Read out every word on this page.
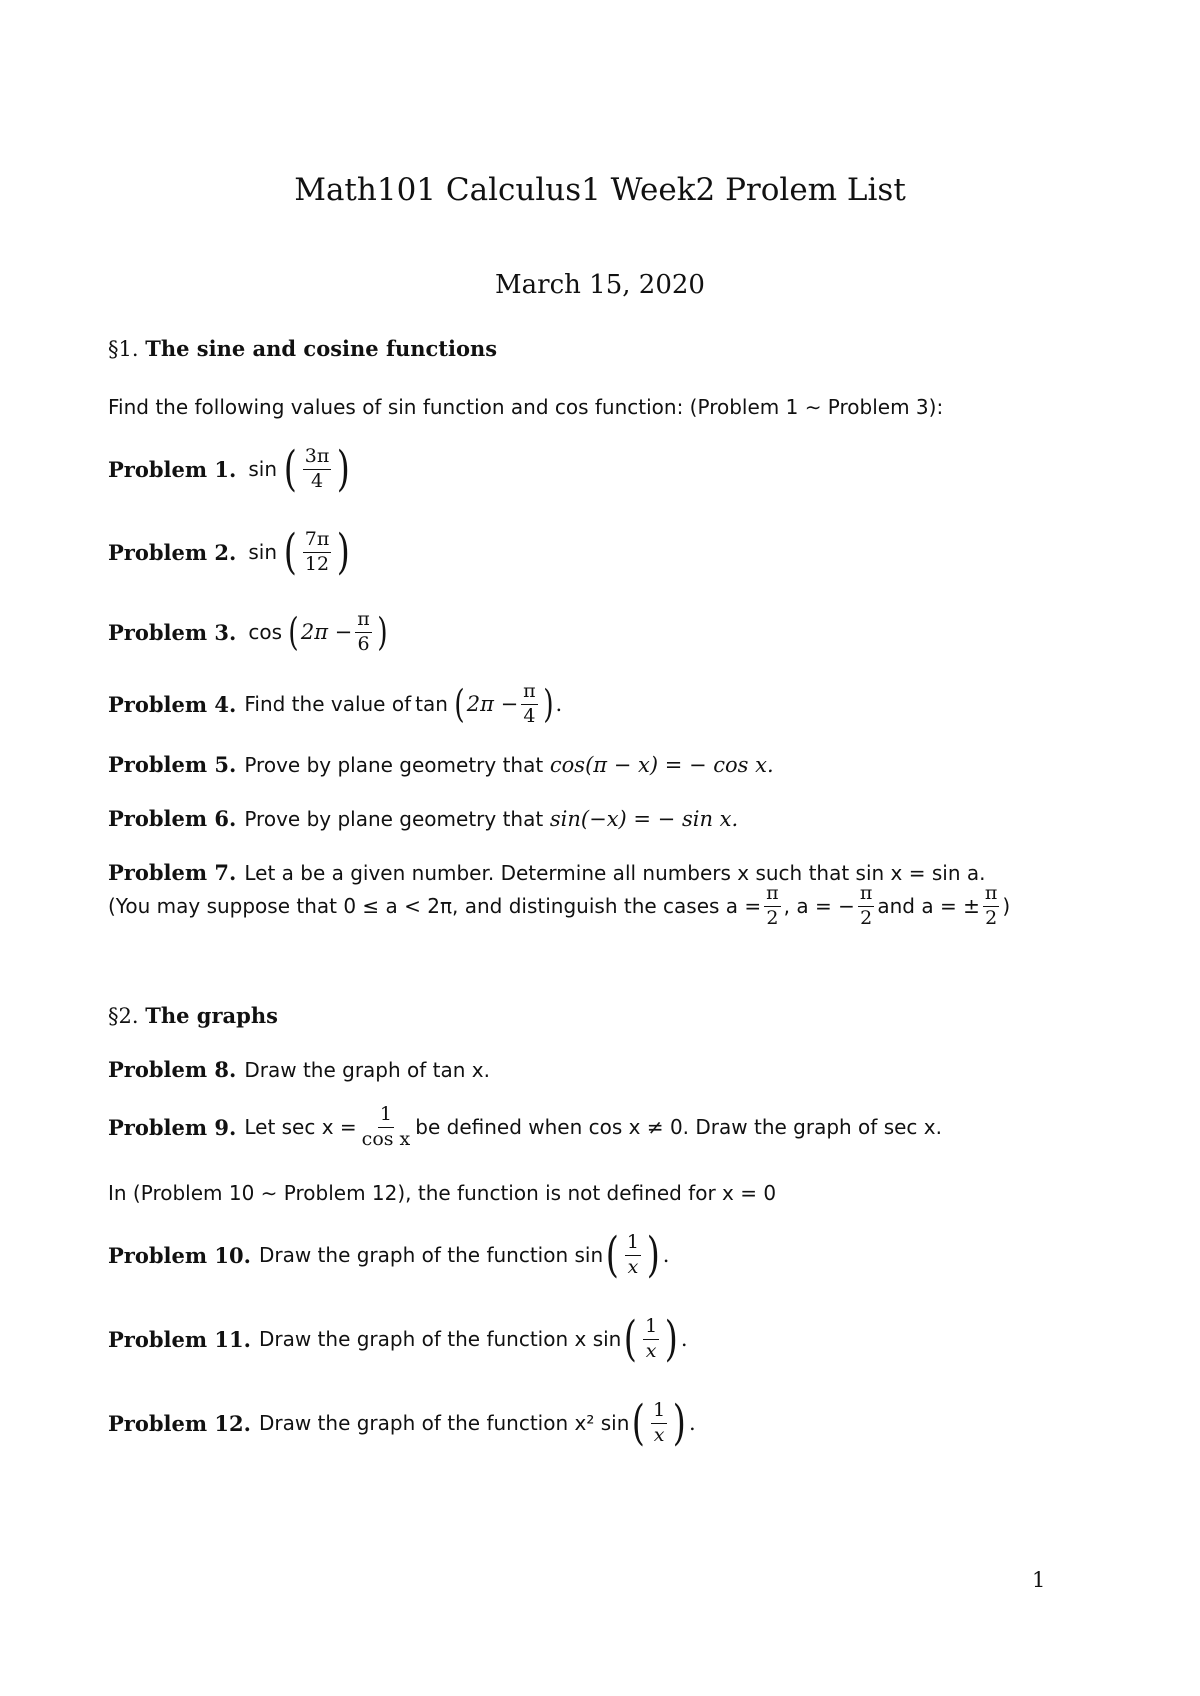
Math101 Calculus1 Week2 Prolem List
March 15, 2020
§1. The sine and cosine functions
Find the following values of sin function and cos function: (Problem 1 ∼ Problem 3):
Problem 1. sin ( $\frac{3\pi}{4}$ )
Problem 2. sin ( $\frac{7\pi}{12}$ )
Problem 3. cos ( $2\pi - \frac{\pi}{6}$ )
Problem 4. Find the value of tan ( $2\pi - \frac{\pi}{4}$ ) .
Problem 5. Prove by plane geometry that
cos(π − x) = − cos x.
Problem 6. Prove by plane geometry that
sin(−x) = − sin x.
Problem 7. Let a be a given number. Determine all numbers x such that sin x = sin a.
(You may suppose that 0 ≤ a < 2π, and distinguish the cases $a = \frac{\pi}{2}$ , a = − $\frac{\pi}{2}$ and a = ± $\frac{\pi}{2}$ )
§2. The graphs
Problem 8. Draw the graph of tan x.
Problem 9. Let $\sec x = \frac{1}{\text{cos x}}$ be defined when cos x ≠ 0. Draw the graph of sec x.
In (Problem 10 ∼ Problem 12), the function is not defined for x = 0
Problem 10. Draw the graph of the function sin ( $\frac{1}{x}$ ) .
Problem 11. Draw the graph of the function x sin ( $\frac{1}{x}$ ) .
Problem 12. Draw the graph of the function x² sin ( $\frac{1}{x}$ ) .
1
